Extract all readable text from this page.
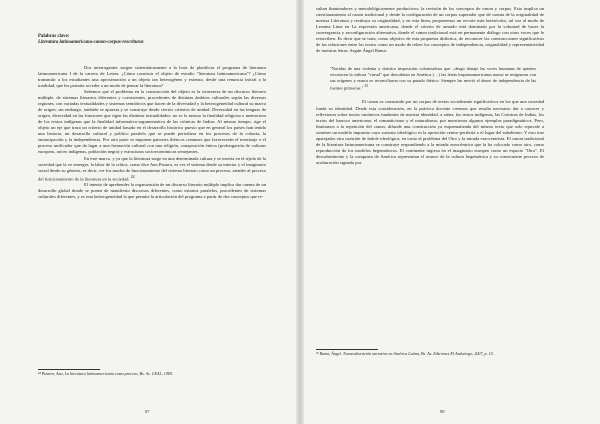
Palabras clave:

Literatura latinoamericana-canon-corpus-rescrituras

Dos interrogantes surgen sistemáticamente a la hora de planificar el programa de literatura latinoamericana I de la carrera de Letras: ¿Cómo construir el objeto de estudio "literatura latinoamericana"? ¿Cómo transmitir a los estudiantes una aproximación a un objeto tan heterogéneo y extenso, desde una renuncia inicial a la totalidad, que les permita acceder a un modo de pensar la literatura?

Sabemos que el problema en la construcción del objeto es la existencia de un discurso literario múltiple, de sistemas literarios diferentes y coexistentes, procedentes de distintas ámbitos culturales según las diversas regiones, con variadas textualidades y sistemas semióticos que hacen de la diversidad y la heterogeneidad cultural su marca de origen, sin embargo, también se apuesta y se construye desde ciertos criterios de unidad. Diversidad en las lenguas de origen, diversidad en las funciones que rigen las distintas textualidades: no es lo mismo la finalidad religiosa o memoriosa de los textos indígenas que la finalidad informativo-argumentativa de las crónicas de Indias. Al mismo tiempo, rige el objeto un eje que traza un criterio de unidad basado en el desarrollo histórico puesto que en general los países han tenido una historia, un desarrollo cultural y político paralelo que se puede periodizar en los procesos de la colonia, la emancipación y la independencia. Por otra parte se imponen patrones ibéricos comunes que favorecerán el mestizaje o el proceso unificador que da lugar a una formación cultural con una religión, composición étnica (prolongación de culturas europeas, raíces indígenas, población negra) y estructuras socioeconómicas semejantes.

En este marco, y ya que la literatura surge en una determinada cultura y se inserta en el tejido de la sociedad que la ve emerger, la labor de la crítica, como dice Ana Pizarro, es ver el sistema desde su interior y el imaginario social desde su génesis, es decir, ver los modos de funcionamiento del sistema literario como un proceso, atender al proceso del funcionamiento de la literatura en la sociedad. $^{24}$

El intento de aprehender la organización de un discurso literario múltiple implica dar cuenta de un desarrollo global donde se ponen de manifiesto discursos diferentes, como estratos paralelos, procedentes de sistemas culturales diferentes, y es esta heterogeneidad la que permite la articulación del programa a partir de dos conceptos que re-

²⁴ Pizarro, Ana, La literatura latinoamericana como proceso, Bs. As. CEAL, 1985.
87

sultan iluminadores y metodológicamente productivos: la revisión de los conceptos de canon y corpus. Esto implica un cuestionamiento al canon tradicional y desde la configuración de un corpus superador que dé cuenta de la originalidad de nuestra Literatura y restituya su originalidad, y en esta línea, proponemos un recorte más heterócrito, tal vez al modo de Lezama Lima en La expresión americana, donde el criterio de armado está dominado por la voluntad de hacer la convergencia y reconfiguración alternativa, donde el canon tradicional está en permanente diálogo con otras voces que le reescriben. Es decir que se trata, como objetivo de esta propuesta didáctica, de reconocer las construcciones significativas de las relaciones entre los textos como un modo de releer los conceptos de independencia, originalidad y representatividad de nuestras letras. Según Ángel Rama:

"Nacidas de una violenta y drástica imposición colonizadora que –desgo donaje las voces humanas de quienes reconocen la valiosa "virtud" que descubrían en América (…) las letras hispanoamericanas nunca se resignaron con sus orígenes y nunca se reconciliaron con su pasado ibérico. Siempre las movió el deseo de independencia de las fuentes primarias." $^{25}$

El canon es construido por un corpus de textos socialmente significativos en los que una sociedad funda su identidad. Desde esta consideración, en la práctica docente creemos que resulta necesario dar a conocer y reflexionar sobre textos canónicos fundantes de nuestra identidad, a saber, los textos indígenas, las Crónicas de Indias, los textos del barroco americano, el romanticismo y el naturalismo, por mencionar algunos ejemplos paradigmáticos. Pero, limitarnos a la repetición del canon, difunde una construcción ya esquematizada del mismo texto que solo equivale a sostener un modelo impuesto cuyo sustrato ideológico es la oposición centro-periferia o el lugar del subalterno. Y esto trae aparejadas otra cuestión de índole ideológica, en torno al problema del Otro y la mirada eurocentrista. El canon tradicional de la literatura latinoamericana se construye respondiendo a la mirada eurocéntrica que la ha colocado como otro, como reproducción de los modelos hegemónicos. El continente ingresa en el imaginario europeo como un espacio "Otro". El descubrimiento y la conquista de América representan el avance de la cultura hegemónica y su consecuente proceso de aculturación signado por

²⁵ Rama, Ángel. Transculturación narrativa en América Latina, Bs. As. Ediciones El Andariego, 2007, p. 15.
88
